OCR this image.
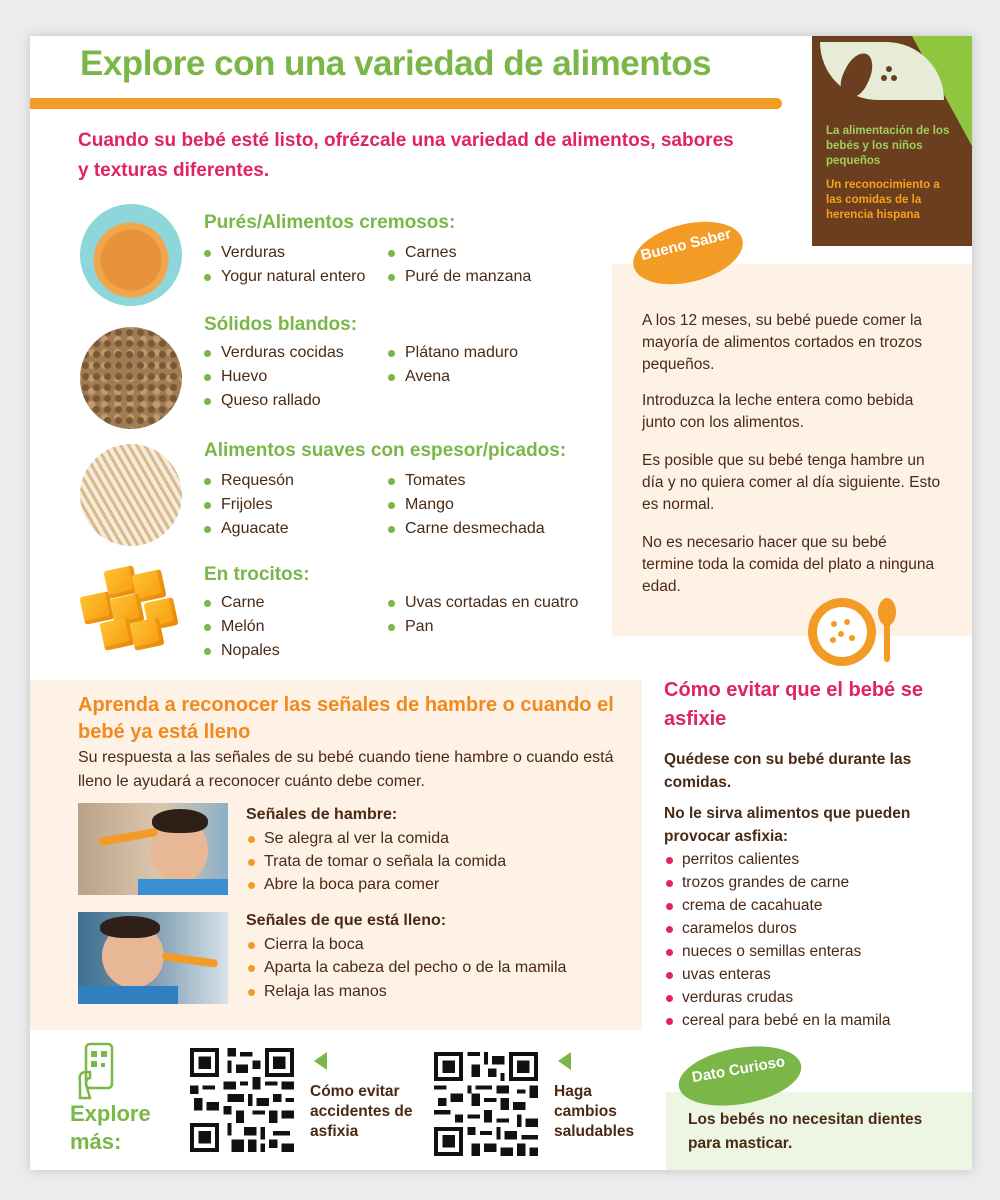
Explore con una variedad de alimentos
Cuando su bebé esté listo, ofrézcale una variedad de alimentos, sabores y texturas diferentes.
La alimentación de los bebés y los niños pequeños
Un reconocimiento a las comidas de la herencia hispana
Purés/Alimentos cremosos:
Verduras
Yogur natural entero
Carnes
Puré de manzana
Sólidos blandos:
Verduras cocidas
Huevo
Queso rallado
Plátano maduro
Avena
Alimentos suaves con espesor/picados:
Requesón
Frijoles
Aguacate
Tomates
Mango
Carne desmechada
En trocitos:
Carne
Melón
Nopales
Uvas cortadas en cuatro
Pan
Bueno Saber
A los 12 meses, su bebé puede comer la mayoría de alimentos cortados en trozos pequeños.
Introduzca la leche entera como bebida junto con los alimentos.
Es posible que su bebé tenga hambre un día y no quiera comer al día siguiente. Esto es normal.
No es necesario hacer que su bebé termine toda la comida del plato a ninguna edad.
Aprenda a reconocer las señales de hambre o cuando el bebé ya está lleno
Su respuesta a las señales de su bebé cuando tiene hambre o cuando está lleno le ayudará a reconocer cuánto debe comer.
Señales de hambre:
Se alegra al ver la comida
Trata de tomar o señala la comida
Abre la boca para comer
Señales de que está lleno:
Cierra la boca
Aparta la cabeza del pecho o de la mamila
Relaja las manos
Cómo evitar que el bebé se asfixie
Quédese con su bebé durante las comidas.
No le sirva alimentos que pueden provocar asfixia:
perritos calientes
trozos grandes de carne
crema de cacahuate
caramelos duros
nueces o semillas enteras
uvas enteras
verduras crudas
cereal para bebé en la mamila
Dato Curioso
Los bebés no necesitan dientes para masticar.
Explore más:
Cómo evitar accidentes de asfixia
Haga cambios saludables
